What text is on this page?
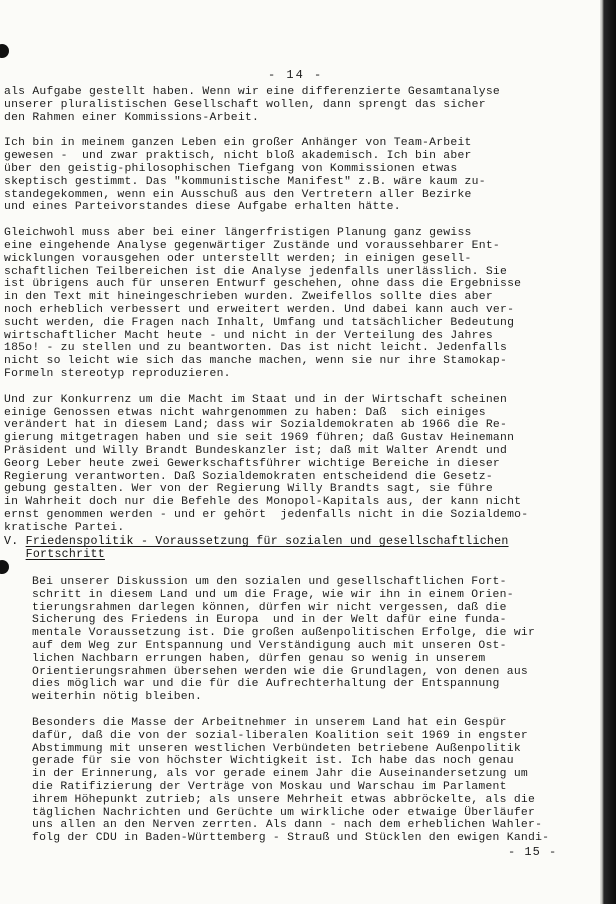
- 14 -
als Aufgabe gestellt haben. Wenn wir eine differenzierte Gesamtanalyse
unserer pluralistischen Gesellschaft wollen, dann sprengt das sicher
den Rahmen einer Kommissions-Arbeit.
Ich bin in meinem ganzen Leben ein großer Anhänger von Team-Arbeit
gewesen -  und zwar praktisch, nicht bloß akademisch. Ich bin aber
über den geistig-philosophischen Tiefgang von Kommissionen etwas
skeptisch gestimmt. Das "kommunistische Manifest" z.B. wäre kaum zu-
standegekommen, wenn ein Ausschuß aus den Vertretern aller Bezirke
und eines Parteivorstandes diese Aufgabe erhalten hätte.
Gleichwohl muss aber bei einer längerfristigen Planung ganz gewiss
eine eingehende Analyse gegenwärtiger Zustände und voraussehbarer Ent-
wicklungen vorausgehen oder unterstellt werden; in einigen gesell-
schaftlichen Teilbereichen ist die Analyse jedenfalls unerlässlich. Sie
ist übrigens auch für unseren Entwurf geschehen, ohne dass die Ergebnisse
in den Text mit hineingeschrieben wurden. Zweifellos sollte dies aber
noch erheblich verbessert und erweitert werden. Und dabei kann auch ver-
sucht werden, die Fragen nach Inhalt, Umfang und tatsächlicher Bedeutung
wirtschaftlicher Macht heute - und nicht in der Verteilung des Jahres
185o! - zu stellen und zu beantworten. Das ist nicht leicht. Jedenfalls
nicht so leicht wie sich das manche machen, wenn sie nur ihre Stamokap-
Formeln stereotyp reproduzieren.
Und zur Konkurrenz um die Macht im Staat und in der Wirtschaft scheinen
einige Genossen etwas nicht wahrgenommen zu haben: Daß  sich einiges
verändert hat in diesem Land; dass wir Sozialdemokraten ab 1966 die Re-
gierung mitgetragen haben und sie seit 1969 führen; daß Gustav Heinemann
Präsident und Willy Brandt Bundeskanzler ist; daß mit Walter Arendt und
Georg Leber heute zwei Gewerkschaftsführer wichtige Bereiche in dieser
Regierung verantworten. Daß Sozialdemokraten entscheidend die Gesetz-
gebung gestalten. Wer von der Regierung Willy Brandts sagt, sie führe
in Wahrheit doch nur die Befehle des Monopol-Kapitals aus, der kann nicht
ernst genommen werden - und er gehört  jedenfalls nicht in die Sozialdemo-
kratische Partei.
V. Friedenspolitik - Voraussetzung für sozialen und gesellschaftlichen
Fortschritt
Bei unserer Diskussion um den sozialen und gesellschaftlichen Fort-
schritt in diesem Land und um die Frage, wie wir ihn in einem Orien-
tierungsrahmen darlegen können, dürfen wir nicht vergessen, daß die
Sicherung des Friedens in Europa  und in der Welt dafür eine funda-
mentale Voraussetzung ist. Die großen außenpolitischen Erfolge, die wir
auf dem Weg zur Entspannung und Verständigung auch mit unseren Ost-
lichen Nachbarn errungen haben, dürfen genau so wenig in unserem
Orientierungsrahmen übersehen werden wie die Grundlagen, von denen aus
dies möglich war und die für die Aufrechterhaltung der Entspannung
weiterhin nötig bleiben.
Besonders die Masse der Arbeitnehmer in unserem Land hat ein Gespür
dafür, daß die von der sozial-liberalen Koalition seit 1969 in engster
Abstimmung mit unseren westlichen Verbündeten betriebene Außenpolitik
gerade für sie von höchster Wichtigkeit ist. Ich habe das noch genau
in der Erinnerung, als vor gerade einem Jahr die Auseinandersetzung um
die Ratifizierung der Verträge von Moskau und Warschau im Parlament
ihrem Höhepunkt zutrieb; als unsere Mehrheit etwas abbröckelte, als die
täglichen Nachrichten und Gerüchte um wirkliche oder etwaige Überläufer
uns allen an den Nerven zerrten. Als dann - nach dem erheblichen Wahler-
folg der CDU in Baden-Württemberg - Strauß und Stücklen den ewigen Kandi-
- 15 -
